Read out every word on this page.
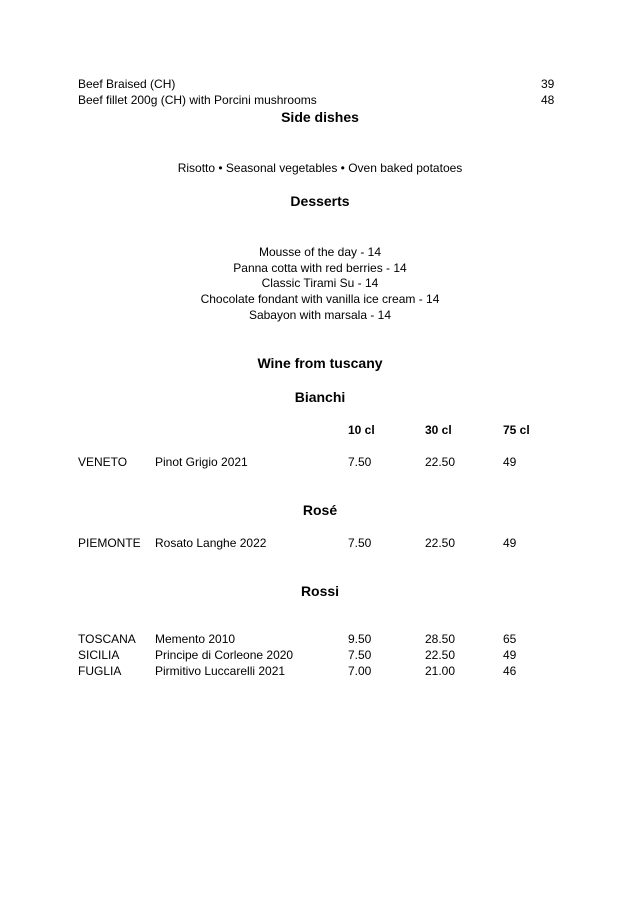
Beef Braised (CH)	39
Beef fillet 200g (CH) with Porcini mushrooms	48
Side dishes
Risotto • Seasonal vegetables • Oven baked potatoes
Desserts
Mousse of the day - 14
Panna cotta with red berries - 14
Classic Tirami Su - 14
Chocolate fondant with vanilla ice cream - 14
Sabayon with marsala - 14
Wine from tuscany
Bianchi
10 cl	30 cl	75 cl
VENETO Pinot Grigio 2021	7.50	22.50	49
Rosé
PIEMONTE Rosato Langhe 2022	7.50	22.50	49
Rossi
TOSCANA Memento 2010	9.50	28.50	65
SICILIA	Principe di Corleone 2020	7.50	22.50	49
FUGLIA	Pirmitivo Luccarelli 2021	7.00	21.00	46
